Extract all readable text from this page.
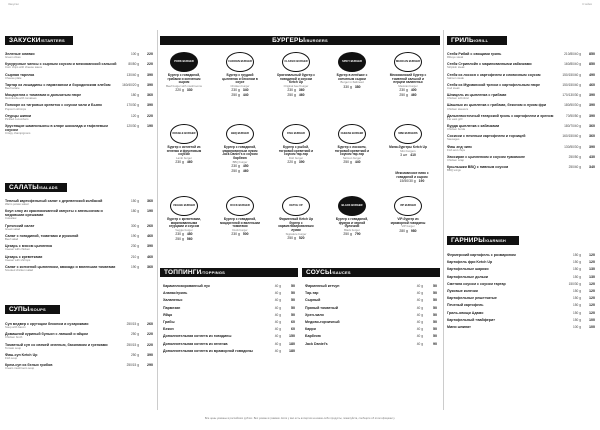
Закуски	Стейки
ЗАКУСКИ/STARTERS
Зеленые оливки
Green olives
100 g	220
Кукурузные чипсы с сырным соусом и мексиканской сальсой
Corn chips with cheese sauce
80/80 g	220
Сырная тарелка
Cheese plate
130/40 g	390
Тартар из лошадины с пармезаном и бородинским хлебом
Beef tartare
160/40/20 g	390
Моцарелла с томатами и дольчатым пюре
Mozzarella with tomatoes
180 g	360
Попкорн из тигровых креветок с соусом чили и Бьянк
Popcorn shrimps
170/30 g	390
Огурцы шинки
Pickled cucumbers
120 g	220
Хрустящие шампиньоны в кляре шоколада и тафелевым соусом
Crispy champignons
120/30 g	190
САЛАТЫ/SALADS
Теплый картофельный салат с деревенской колбасой
Warm potato salad
150 g	360
Коул слоу из краснокочанной капусты с апельсином и медовыми орешками
Coleslaw
180 g	190
Греческий салат
Greek salad
300 g	260
Салат с говядиной, томатами и рукколой
Beef salad
190 g	460
Цезарь с мясом цыпленка
Caesar with chicken
230 g	390
Цезарь с креветками
Caesar with shrimps
210 g	460
Салат с копченой цыпленком, авокадо и вялеными томатами
Smoked chicken salad
190 g	360
СУПЫ/SOUPS
Суп медвер с крутоцом беконом и сухариками
Soup with bacon
250/15 g	260
Домашний куриный бульон с лапшой и яйцом
Chicken broth
250 g	220
Томатный суп со свежей зеленью, базиликом и гренками
Tomato soup
250/15 g	220
Фиш-суп Ketch Up
Fish soup
250 g	390
Крем-суп из белых грибов
Cream mushroom soup
250/15 g	290
БУРГЕРЫ/BURGERS
PORK BURGER
Бургер с говядиной, грибами и копченым сыром
Beef burger with mushrooms
220 g 330
CHICKEN BURGER
Бургер с грудкой цыпленка и беконом в соусе
Chicken burger
230 g 340
250 g 440
CLASSIC BURGER
Оригинальный бургер с говядиной и соусом Ketch Up
Original beef burger
230 g 360
250 g 460
SPICY BURGER
Бургер в лепёшке с копченым сыром
Burger in flatbread
330 g 380
MEXICAN BURGER
Мексиканский бургер с томатной сальсой и перцем халапеньо
Mexican burger
230 g 400
250 g 460
DOUBLE BURGER
Бургер с котлетой из ягненка и фруктовым соусом
Lamb burger
230 g 460
BBQ BURGER
Бургер с говядиной, маринованным луком Jack Daniel's и соусом барбекю
BBQ burger
230 g 450
250 g 460
FISH BURGER
Бургер с рыбой, тигровой креветкой и соусом тар-тар
Fish burger
220 g 390
CHEESE BURGER
Бургер с лососем, тигровой креветкой и соусом тар-тар
Salmon burger
250 g 440
MINI BURGERS
Мини-бургеры Ketch Up
Mini burgers
3 шт 410
VEGGIE BURGER
Бургер с креветками, маринованными огурцами и соусом
Veggie burger
230 g 480
250 g 560
DUCK BURGER
Бургер с говядиной, моцареллой и вялеными томатами
Duck burger
230 g 500
KETCH UP
Фирменный Ketch Up бургер с карамелизированным луком
Signature burger
250 g 520
BLACK BURGER
Бургер с говядиной, фуагра и черной булочкой
Black burger
250 g 790
VIP BURGER
VIP-бургер из мраморной говядины
VIP burger
280 g 980
Мексиканское пиво с говядиной и сыром
15/50/30 g 190
ТОППИНГИ/TOPPINGS
Карамелизированный лук	40 g	50
Ананас/гриль	40 g	50
Халапеньо	40 g	50
Пармезан	40 g	50
Яйцо	40 g	50
Грибы	40 g	60
Бекон	40 g	60
Дополнительная котлета из говядины	40 g	150
Дополнительная котлета из ягненка	40 g	180
Дополнительная котлета из мраморной говядины	40 g	180
СОУСЫ/SAUCES
Фирменный кетчуп	40 g	50
Тар-тар	40 g	50
Сырный	40 g	50
Пряный томатный	40 g	50
Хрен-чили	40 g	50
Медово-горчичный	40 g	50
Карри	40 g	50
Барбекю	40 g	50
Jack Daniel's	40 g	90
Все цены указаны в российских рублях. Вес указан в граммах. Если у вас есть аллергия на какие-либо продукты, пожалуйста, сообщите об этом официанту.
ГРИЛЬ/GRILL
Стейк Рибай с овощами гриль
Ribeye steak
210/80/40 g	850
Стейк Стриплойн с маринованными кабачками
Striploin steak
160/80/40 g	850
Стейк из лосося с картофелем и сливочным соусом
Salmon steak
150/150/40 g	490
Стейк из Мурманской трески с картофельным пюре
Cod steak
150/150/40 g	460
Шницель из цыпленка с грибами
Chicken schnitzel
170/130/30 g	390
Шашлык из цыпленка с грибами, беконом и луком фри
Chicken skewers
180/50/30 g	390
Дальневосточный татарский гриль с картофелем и хреном
Far east grill
70/50/50 g	390
Бурда цыпленка с кабачками
Chicken burda
180/70/40 g	360
Сосиски с печеным картофелем и горчицей
Sausages
160/150/40 g	360
Фиш энд чипс
Fish and chips
130/50/30 g	390
Хвосиран с цыпленком и соусом гуакамоле
Chicken wrap
250/50 g	430
Крылышки BBQ с пивным соусом
BBQ wings
250/40 g	340
ГАРНИРЫ/GARNISH
Фермерский картофель с розмарином	150 g	120
Картофель фри Ketch Up	150 g	120
Картофельные шарики	150 g	130
Картофельные дольки	150 g	130
Сметана соусом с соусом тартар	150/30 g	120
Луковые колечки	150 g	120
Картофельные решетчатые	150 g	120
Печеный картофель	150 g	120
Гриль-овощи Адамо	150 g	120
Картофельный «вайфери»	150 g	100
Мини шпинат	100 g	100
